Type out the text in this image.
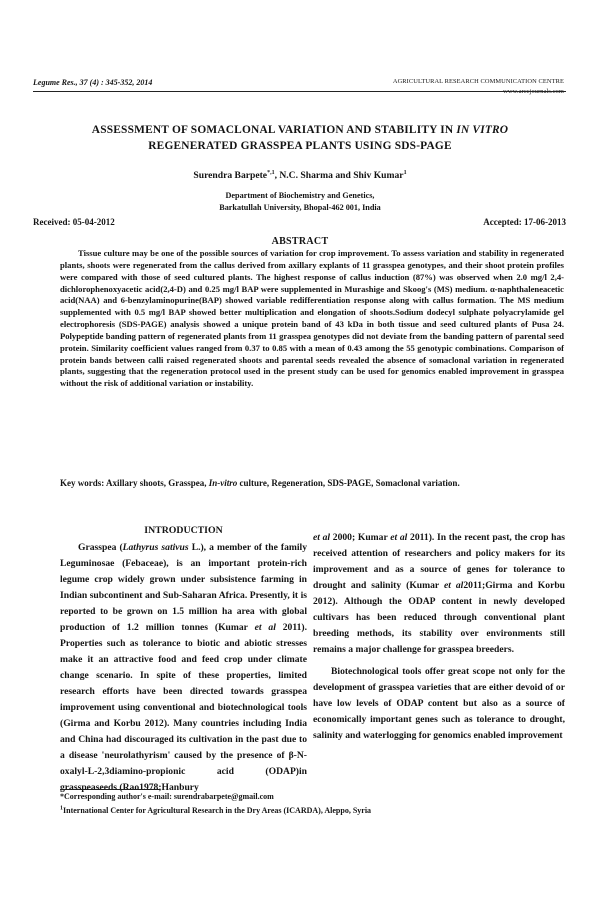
Legume Res., 37 (4) : 345-352, 2014	AGRICULTURAL RESEARCH COMMUNICATION CENTRE
www.arccjournals.com
ASSESSMENT OF SOMACLONAL VARIATION AND STABILITY IN IN VITRO
REGENERATED GRASSPEA PLANTS USING SDS-PAGE
Surendra Barpete$^{*,1}$, N.C. Sharma and Shiv Kumar$^1$
Department of Biochemistry and Genetics,
Barkatullah University, Bhopal-462 001, India
Received: 05-04-2012	Accepted: 17-06-2013
ABSTRACT
Tissue culture may be one of the possible sources of variation for crop improvement. To assess variation and stability in regenerated plants, shoots were regenerated from the callus derived from axillary explants of 11 grasspea genotypes, and their shoot protein profiles were compared with those of seed cultured plants. The highest response of callus induction (87%) was observed when 2.0 mg/l 2,4-dichlorophenoxyacetic acid(2,4-D) and 0.25 mg/l BAP were supplemented in Murashige and Skoog's (MS) medium. α-naphthaleneacetic acid(NAA) and 6-benzylaminopurine(BAP) showed variable redifferentiation response along with callus formation. The MS medium supplemented with 0.5 mg/l BAP showed better multiplication and elongation of shoots.Sodium dodecyl sulphate polyacrylamide gel electrophoresis (SDS-PAGE) analysis showed a unique protein band of 43 kDa in both tissue and seed cultured plants of Pusa 24. Polypeptide banding pattern of regenerated plants from 11 grasspea genotypes did not deviate from the banding pattern of parental seed protein. Similarity coefficient values ranged from 0.37 to 0.85 with a mean of 0.43 among the 55 genotypic combinations. Comparison of protein bands between calli raised regenerated shoots and parental seeds revealed the absence of somaclonal variation in regenerated plants, suggesting that the regeneration protocol used in the present study can be used for genomics enabled improvement in grasspea without the risk of additional variation or instability.
Key words: Axillary shoots, Grasspea, In-vitro culture, Regeneration, SDS-PAGE, Somaclonal variation.

INTRODUCTION

Grasspea (Lathyrus sativus L.), a member of the family Leguminosae (Febaceae), is an important protein-rich legume crop widely grown under subsistence farming in Indian subcontinent and Sub-Saharan Africa. Presently, it is reported to be grown on 1.5 million ha area with global production of 1.2 million tonnes (Kumar et al 2011). Properties such as tolerance to biotic and abiotic stresses make it an attractive food and feed crop under climate change scenario. In spite of these properties, limited research efforts have been directed towards grasspea improvement using conventional and biotechnological tools (Girma and Korbu 2012). Many countries including India and China had discouraged its cultivation in the past due to a disease 'neurolathyrism' caused by the presence of β-N-oxalyl-L-2,3diamino-propionic acid (ODAP)in grasspeaseeds (Rao1978;Hanbury

et al 2000; Kumar et al 2011). In the recent past, the crop has received attention of researchers and policy makers for its improvement and as a source of genes for tolerance to drought and salinity (Kumar et al2011;Girma and Korbu 2012). Although the ODAP content in newly developed cultivars has been reduced through conventional plant breeding methods, its stability over environments still remains a major challenge for grasspea breeders.

Biotechnological tools offer great scope not only for the development of grasspea varieties that are either devoid of or have low levels of ODAP content but also as a source of economically important genes such as tolerance to drought, salinity and waterlogging for genomics enabled improvement

*Corresponding author's e-mail: surendrabarpete@gmail.com
$^1$International Center for Agricultural Research in the Dry Areas (ICARDA), Aleppo, Syria
